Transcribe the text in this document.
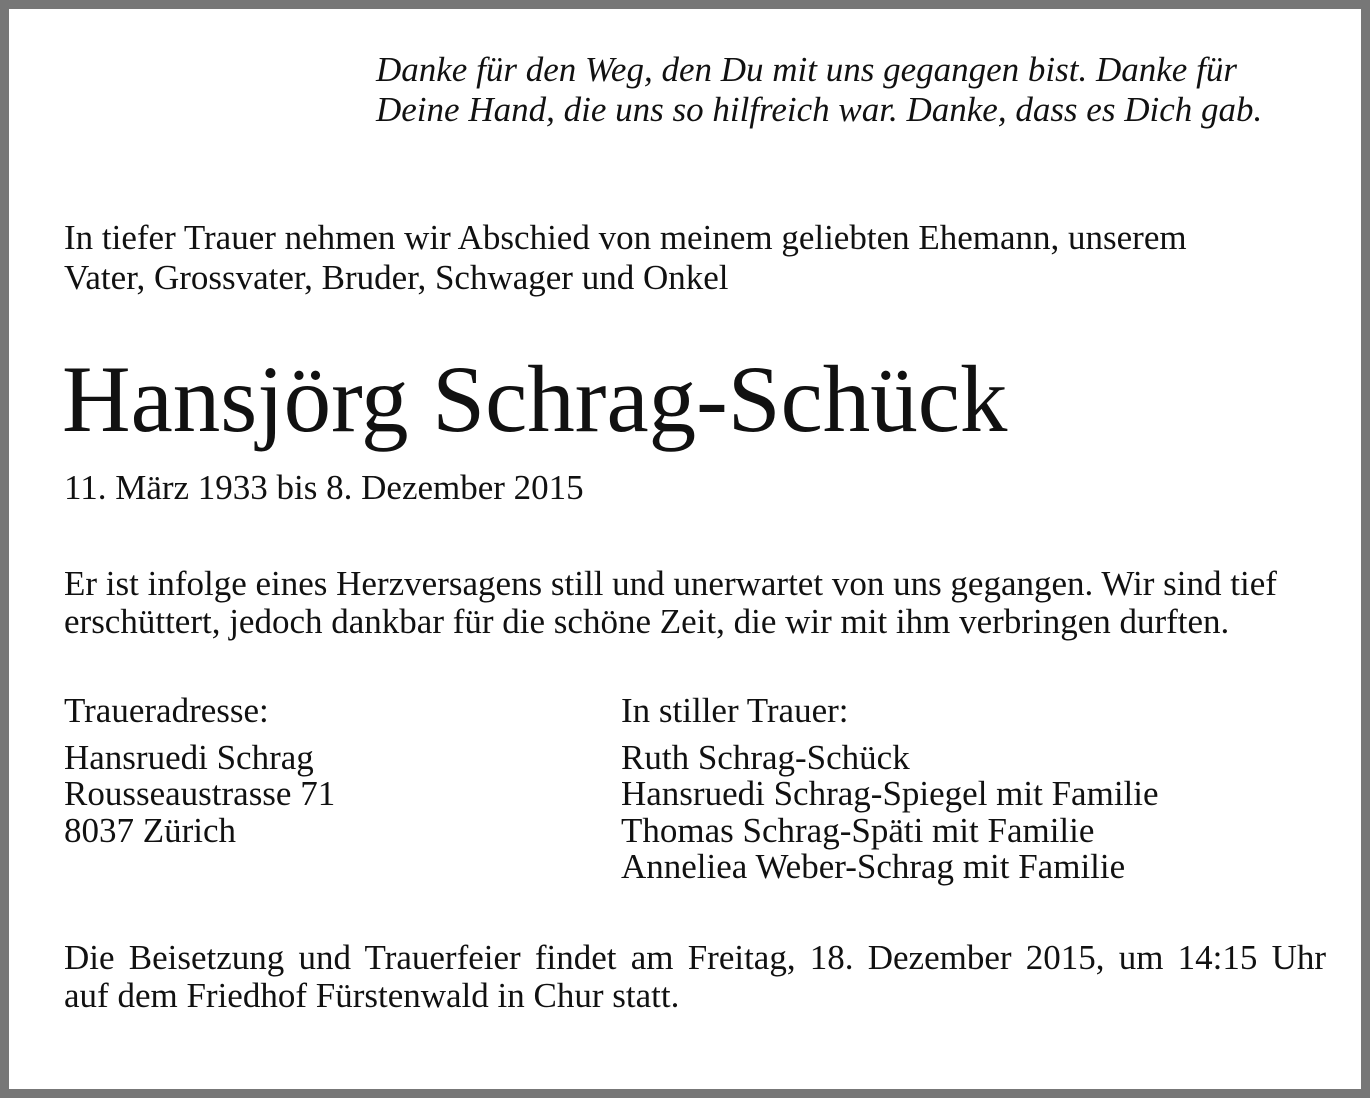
Danke für den Weg, den Du mit uns gegangen bist. Danke für
Deine Hand, die uns so hilfreich war. Danke, dass es Dich gab.
In tiefer Trauer nehmen wir Abschied von meinem geliebten Ehemann, unserem
Vater, Grossvater, Bruder, Schwager und Onkel
Hansjörg Schrag-Schück
11. März 1933 bis 8. Dezember 2015
Er ist infolge eines Herzversagens still und unerwartet von uns gegangen. Wir sind tief
erschüttert, jedoch dankbar für die schöne Zeit, die wir mit ihm verbringen durften.
Traueradresse:
Hansruedi Schrag
Rousseaustrasse 71
8037 Zürich
In stiller Trauer:
Ruth Schrag-Schück
Hansruedi Schrag-Spiegel mit Familie
Thomas Schrag-Späti mit Familie
Anneliea Weber-Schrag mit Familie
Die Beisetzung und Trauerfeier findet am Freitag, 18. Dezember 2015, um 14:15 Uhr
auf dem Friedhof Fürstenwald in Chur statt.
